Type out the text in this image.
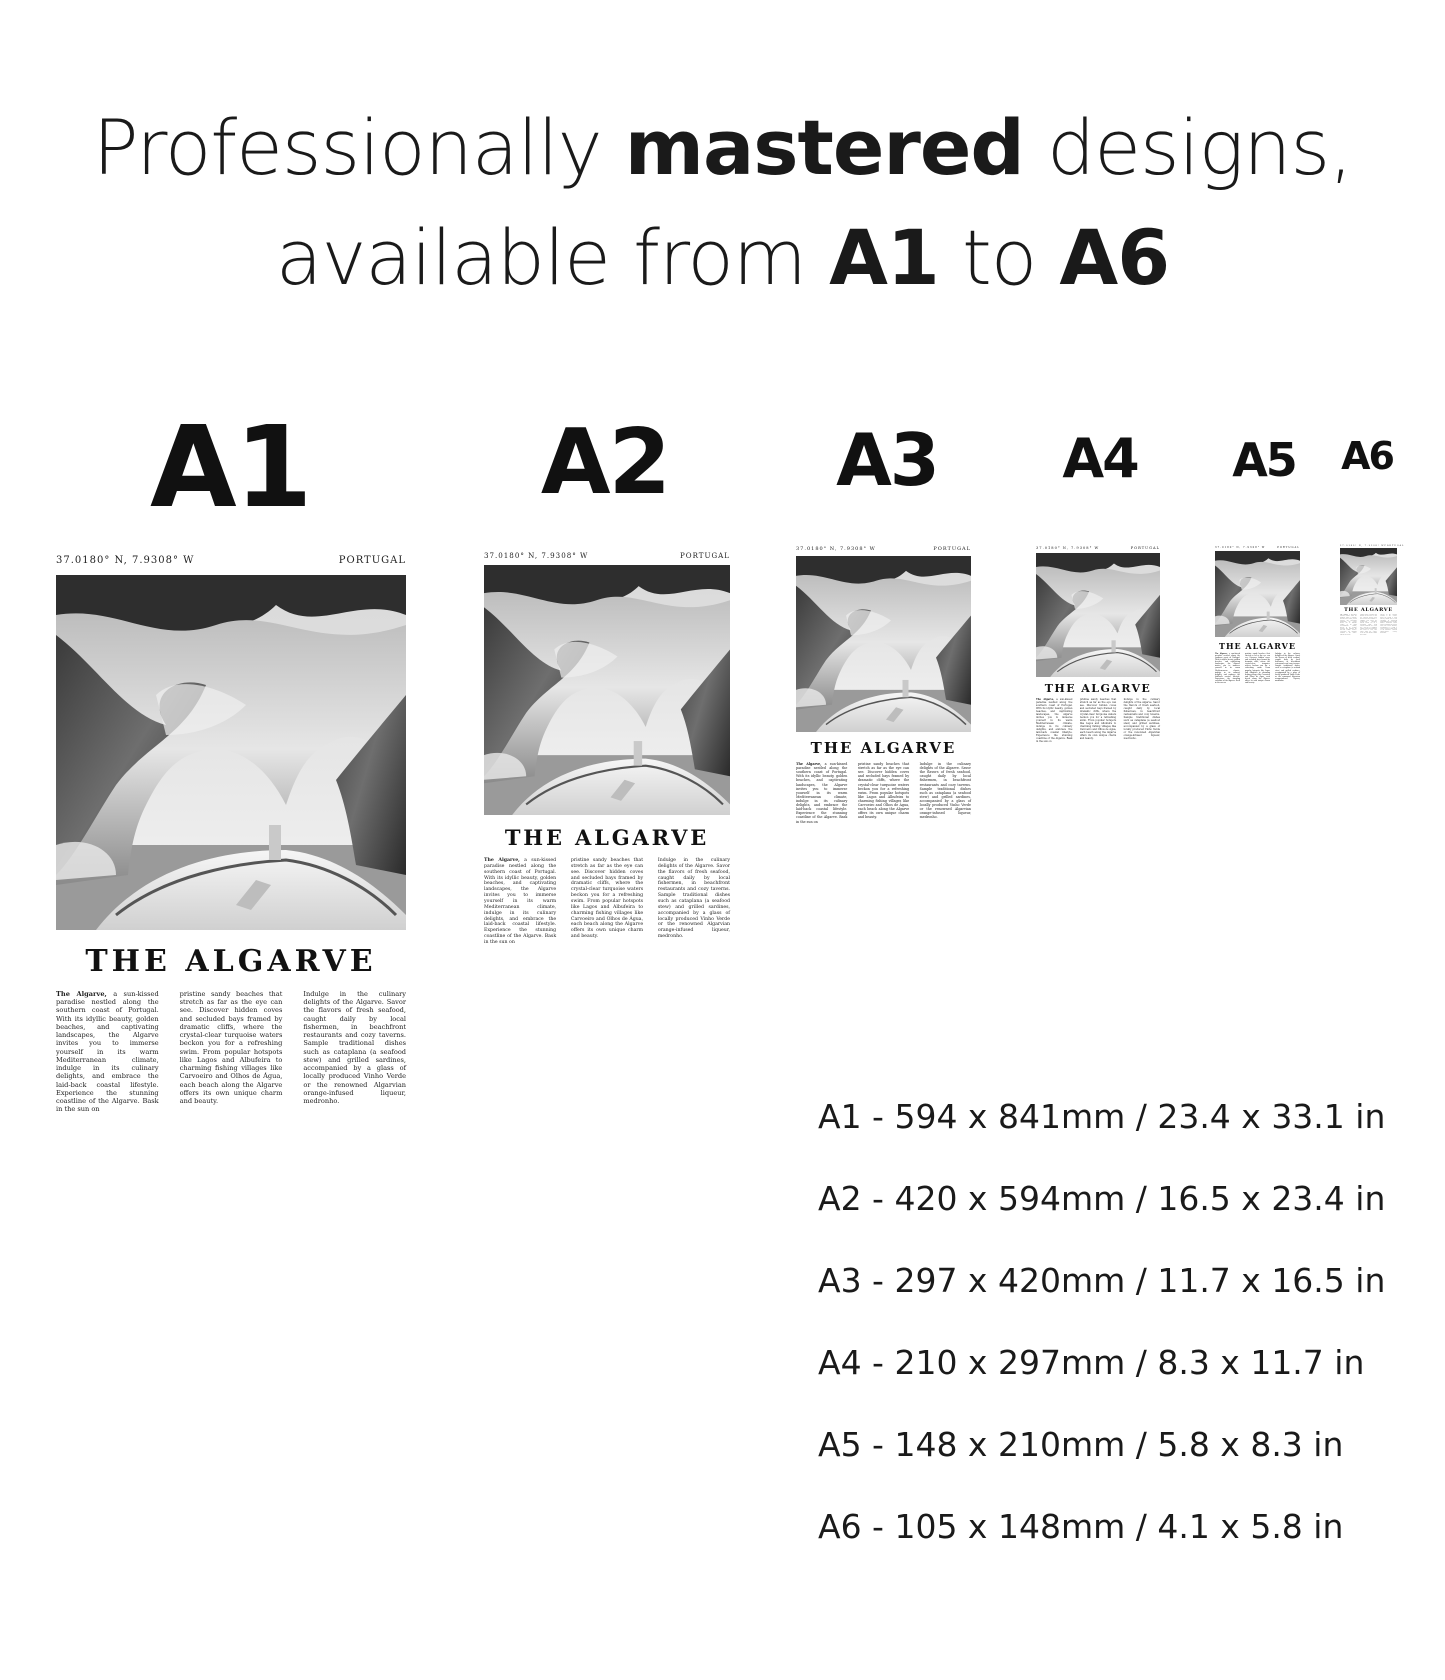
Professionally mastered designs,
available from A1 to A6
A1	A2 A3 A4 A5 A6
37.0180° N, 7.9308° W	PORTUGAL
THE ALGARVE
The Algarve, a sun-kissed paradise nestled along the southern coast of Portugal. With its idyllic beauty, golden beaches, and captivating landscapes, the Algarve invites you to immerse yourself in its warm Mediterranean climate, indulge in its culinary delights, and embrace the laid-back coastal lifestyle. Experience the stunning coastline of the Algarve. Bask in the sun on
pristine sandy beaches that stretch as far as the eye can see. Discover hidden coves and secluded bays framed by dramatic cliffs, where the crystal-clear turquoise waters beckon you for a refreshing swim. From popular hotspots like Lagos and Albufeira to charming fishing villages like Carvoeiro and Olhos de Água, each beach along the Algarve offers its own unique charm and beauty.
Indulge in the culinary delights of the Algarve. Savor the flavors of fresh seafood, caught daily by local fishermen, in beachfront restaurants and cozy taverns. Sample traditional dishes such as cataplana (a seafood stew) and grilled sardines, accompanied by a glass of locally produced Vinho Verde or the renowned Algarvian orange-infused liqueur, medronho.
37.0180° N, 7.9308° W	PORTUGAL
THE ALGARVE
The Algarve, a sun-kissed paradise nestled along the southern coast of Portugal. With its idyllic beauty, golden beaches, and captivating landscapes, the Algarve invites you to immerse yourself in its warm Mediterranean climate, indulge in its culinary delights, and embrace the laid-back coastal lifestyle. Experience the stunning coastline of the Algarve. Bask in the sun on
pristine sandy beaches that stretch as far as the eye can see. Discover hidden coves and secluded bays framed by dramatic cliffs, where the crystal-clear turquoise waters beckon you for a refreshing swim. From popular hotspots like Lagos and Albufeira to charming fishing villages like Carvoeiro and Olhos de Água, each beach along the Algarve offers its own unique charm and beauty.
Indulge in the culinary delights of the Algarve. Savor the flavors of fresh seafood, caught daily by local fishermen, in beachfront restaurants and cozy taverns. Sample traditional dishes such as cataplana (a seafood stew) and grilled sardines, accompanied by a glass of locally produced Vinho Verde or the renowned Algarvian orange-infused liqueur, medronho.
37.0180° N, 7.9308° W	PORTUGAL
THE ALGARVE
The Algarve, a sun-kissed paradise nestled along the southern coast of Portugal. With its idyllic beauty, golden beaches, and captivating landscapes, the Algarve invites you to immerse yourself in its warm Mediterranean climate, indulge in its culinary delights, and embrace the laid-back coastal lifestyle. Experience the stunning coastline of the Algarve. Bask in the sun on
pristine sandy beaches that stretch as far as the eye can see. Discover hidden coves and secluded bays framed by dramatic cliffs, where the crystal-clear turquoise waters beckon you for a refreshing swim. From popular hotspots like Lagos and Albufeira to charming fishing villages like Carvoeiro and Olhos de Água, each beach along the Algarve offers its own unique charm and beauty.
Indulge in the culinary delights of the Algarve. Savor the flavors of fresh seafood, caught daily by local fishermen, in beachfront restaurants and cozy taverns. Sample traditional dishes such as cataplana (a seafood stew) and grilled sardines, accompanied by a glass of locally produced Vinho Verde or the renowned Algarvian orange-infused liqueur, medronho.
37.0180° N, 7.9308° W	PORTUGAL
THE ALGARVE
The Algarve, a sun-kissed paradise nestled along the southern coast of Portugal. With its idyllic beauty, golden beaches, and captivating landscapes, the Algarve invites you to immerse yourself in its warm Mediterranean climate, indulge in its culinary delights, and embrace the laid-back coastal lifestyle. Experience the stunning coastline of the Algarve. Bask in the sun on
pristine sandy beaches that stretch as far as the eye can see. Discover hidden coves and secluded bays framed by dramatic cliffs, where the crystal-clear turquoise waters beckon you for a refreshing swim. From popular hotspots like Lagos and Albufeira to charming fishing villages like Carvoeiro and Olhos de Água, each beach along the Algarve offers its own unique charm and beauty.
Indulge in the culinary delights of the Algarve. Savor the flavors of fresh seafood, caught daily by local fishermen, in beachfront restaurants and cozy taverns. Sample traditional dishes such as cataplana (a seafood stew) and grilled sardines, accompanied by a glass of locally produced Vinho Verde or the renowned Algarvian orange-infused liqueur, medronho.
37.0180° N, 7.9308° W	PORTUGAL
THE ALGARVE
The Algarve, a sun-kissed paradise nestled along the southern coast of Portugal. With its idyllic beauty, golden beaches, and captivating landscapes, the Algarve invites you to immerse yourself in its warm Mediterranean climate, indulge in its culinary delights, and embrace the laid-back coastal lifestyle. Experience the stunning coastline of the Algarve. Bask in the sun on
pristine sandy beaches that stretch as far as the eye can see. Discover hidden coves and secluded bays framed by dramatic cliffs, where the crystal-clear turquoise waters beckon you for a refreshing swim. From popular hotspots like Lagos and Albufeira to charming fishing villages like Carvoeiro and Olhos de Água, each beach along the Algarve offers its own unique charm and beauty.
Indulge in the culinary delights of the Algarve. Savor the flavors of fresh seafood, caught daily by local fishermen, in beachfront restaurants and cozy taverns. Sample traditional dishes such as cataplana (a seafood stew) and grilled sardines, accompanied by a glass of locally produced Vinho Verde or the renowned Algarvian orange-infused liqueur, medronho.
37.0180° N, 7.9308° W PORTUGAL
THE ALGARVE
The Algarve, a sun-kissed paradise nestled along the southern coast of Portugal. With its idyllic beauty, golden beaches, and captivating landscapes, the Algarve invites you to immerse yourself in its warm Mediterranean climate, indulge in its culinary delights, and embrace the laid-back coastal lifestyle. Experience the stunning coastline of the Algarve. Bask in the sun on
pristine sandy beaches that stretch as far as the eye can see. Discover hidden coves and secluded bays framed by dramatic cliffs, where the crystal-clear turquoise waters beckon you for a refreshing swim. From popular hotspots like Lagos and Albufeira to charming fishing villages like Carvoeiro and Olhos de Água, each beach along the Algarve offers its own unique charm and beauty.
Indulge in the culinary delights of the Algarve. Savor the flavors of fresh seafood, caught daily by local fishermen, in beachfront restaurants and cozy taverns. Sample traditional dishes such as cataplana (a seafood stew) and grilled sardines, accompanied by a glass of locally produced Vinho Verde or the renowned Algarvian orange-infused liqueur, medronho.
A1 - 594 x 841mm / 23.4 x 33.1 in
A2 - 420 x 594mm / 16.5 x 23.4 in
A3 - 297 x 420mm / 11.7 x 16.5 in
A4 - 210 x 297mm / 8.3 x 11.7 in
A5 - 148 x 210mm / 5.8 x 8.3 in
A6 - 105 x 148mm / 4.1 x 5.8 in
